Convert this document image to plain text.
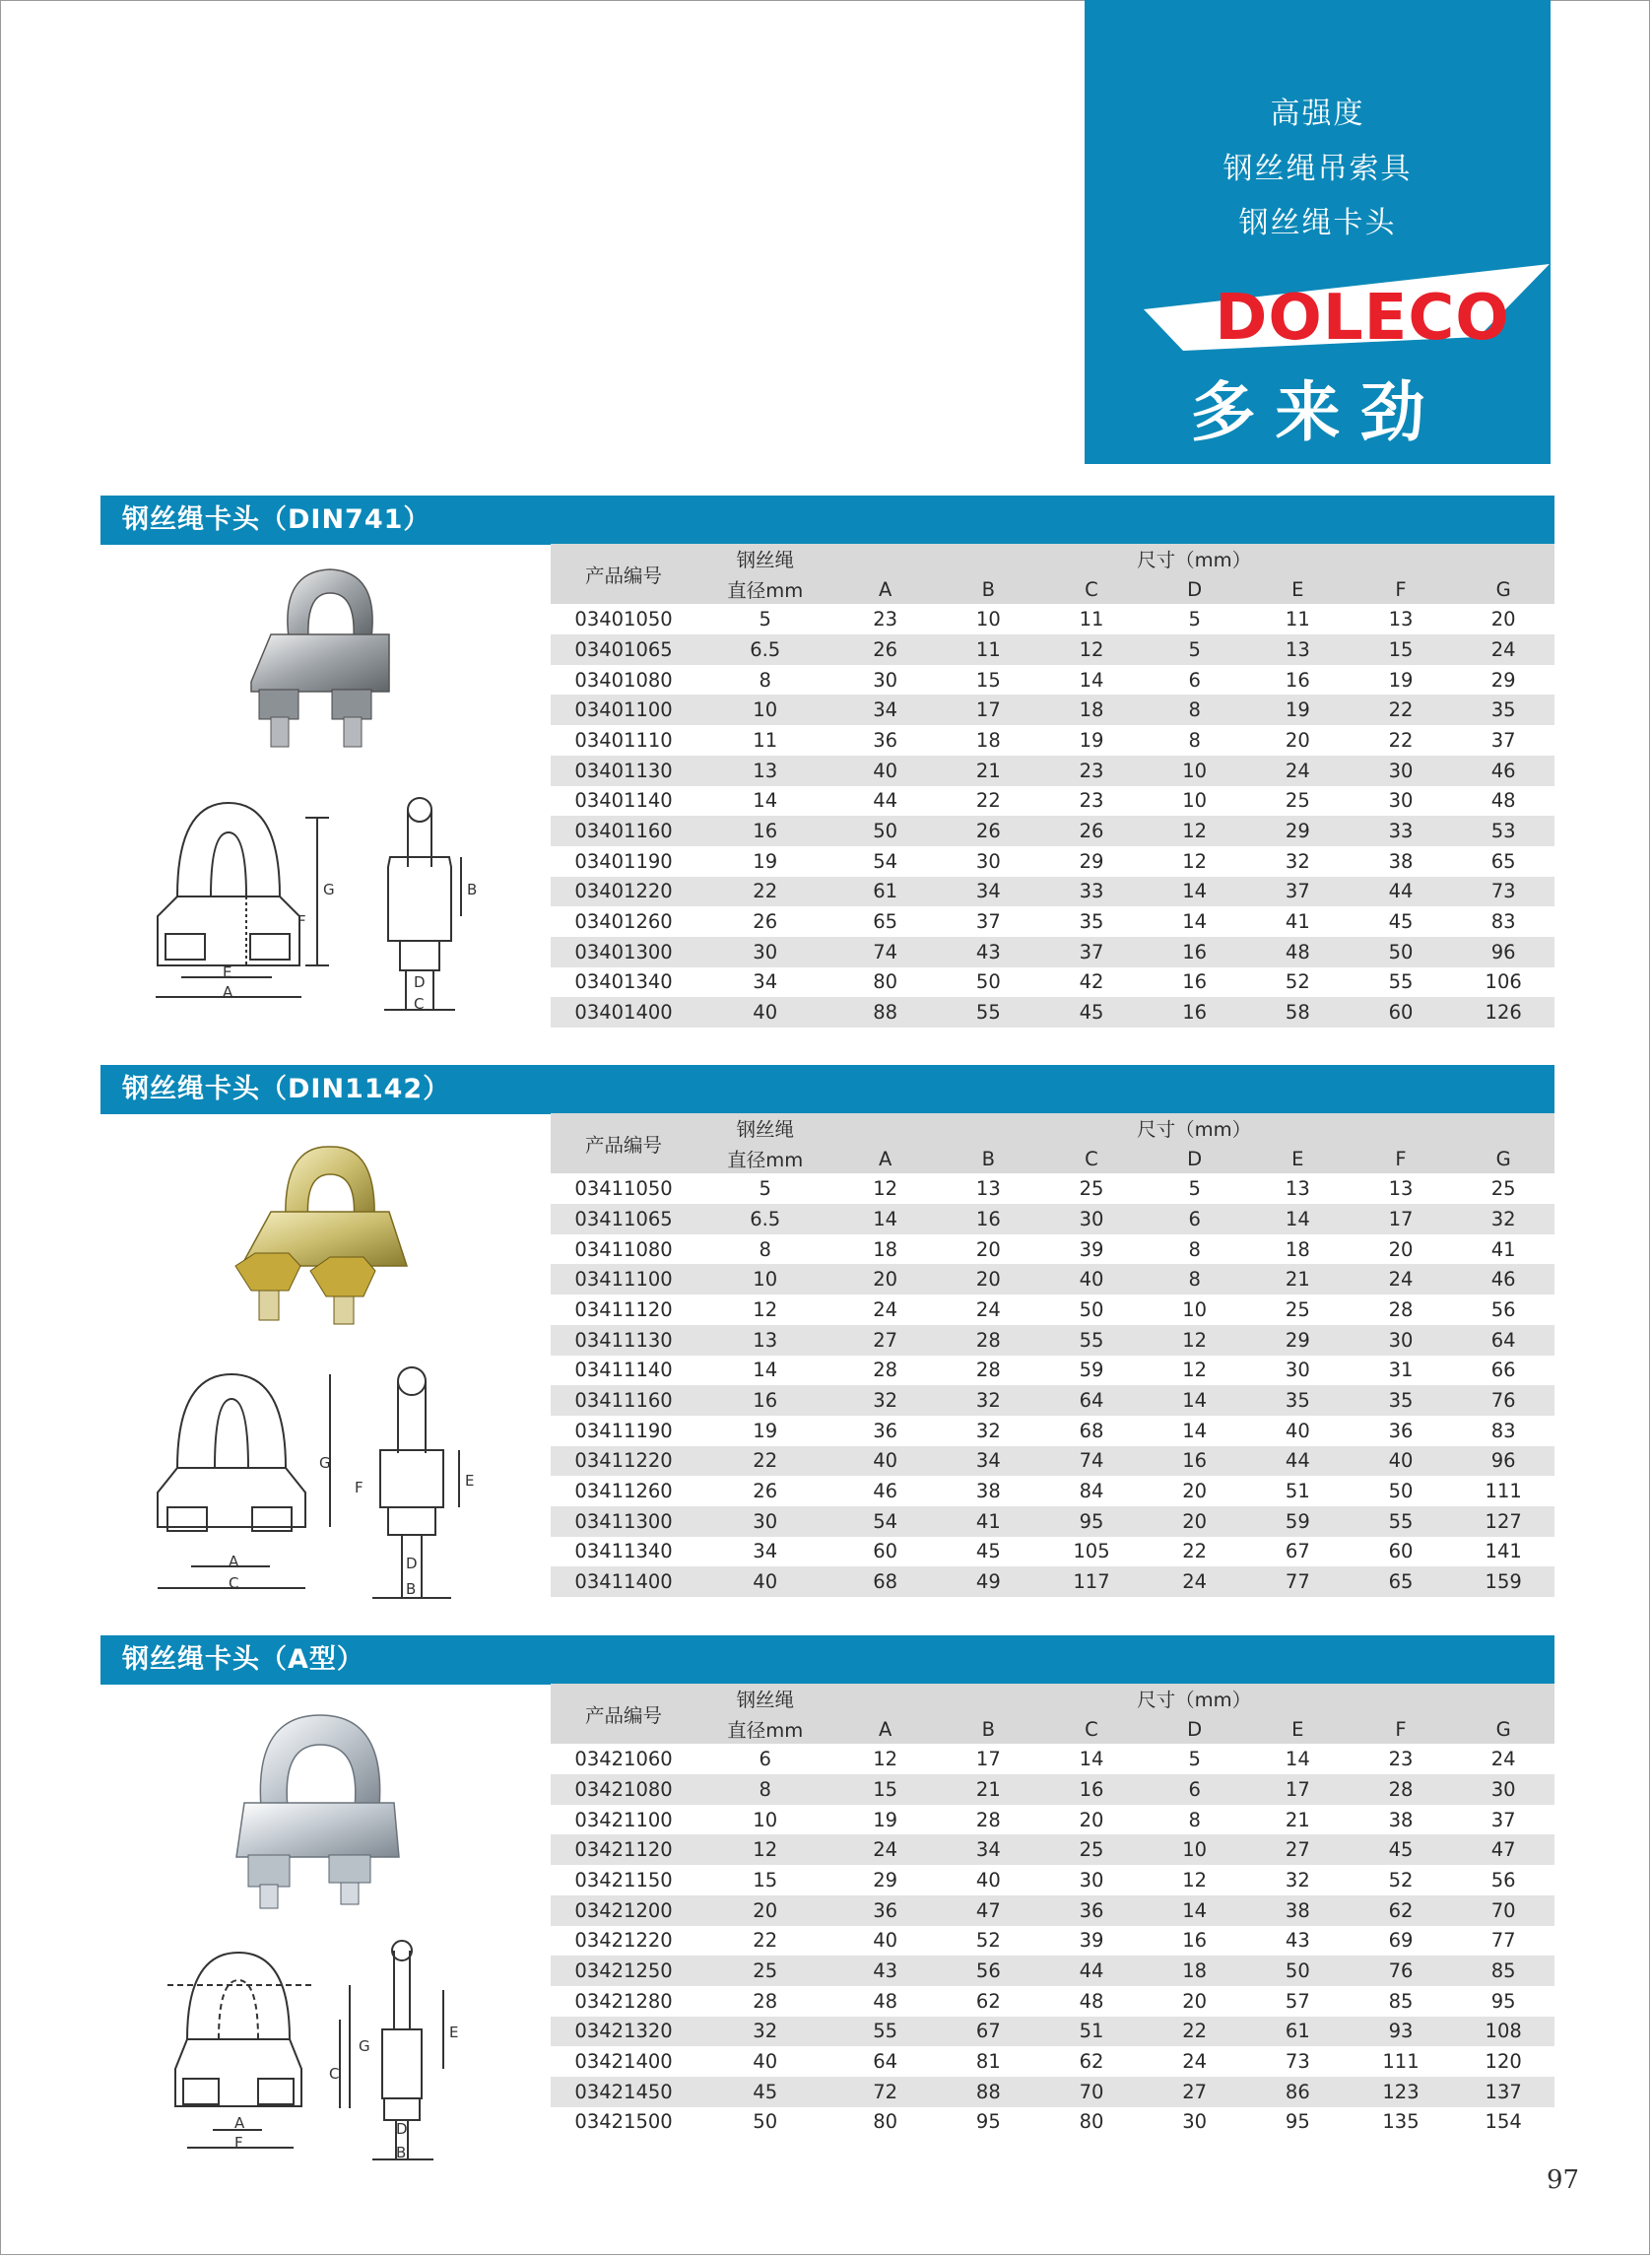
高强度
钢丝绳吊索具
钢丝绳卡头
DOLECO
多来劲
钢丝绳卡头（DIN741）
G
F
E
A
B
D
C
产品编号	钢丝绳	尺寸（mm）						
	直径mm	A	B	C	D	E	F	G
03401050	5	23	10	11	5	11	13	20
03401065	6.5	26	11	12	5	13	15	24
03401080	8	30	15	14	6	16	19	29
03401100	10	34	17	18	8	19	22	35
03401110	11	36	18	19	8	20	22	37
03401130	13	40	21	23	10	24	30	46
03401140	14	44	22	23	10	25	30	48
03401160	16	50	26	26	12	29	33	53
03401190	19	54	30	29	12	32	38	65
03401220	22	61	34	33	14	37	44	73
03401260	26	65	37	35	14	41	45	83
03401300	30	74	43	37	16	48	50	96
03401340	34	80	50	42	16	52	55	106
03401400	40	88	55	45	16	58	60	126
钢丝绳卡头（DIN1142）
G
F
A
C
E
D
B
产品编号	钢丝绳	尺寸（mm）						
	直径mm	A	B	C	D	E	F	G
03411050	5	12	13	25	5	13	13	25
03411065	6.5	14	16	30	6	14	17	32
03411080	8	18	20	39	8	18	20	41
03411100	10	20	20	40	8	21	24	46
03411120	12	24	24	50	10	25	28	56
03411130	13	27	28	55	12	29	30	64
03411140	14	28	28	59	12	30	31	66
03411160	16	32	32	64	14	35	35	76
03411190	19	36	32	68	14	40	36	83
03411220	22	40	34	74	16	44	40	96
03411260	26	46	38	84	20	51	50	111
03411300	30	54	41	95	20	59	55	127
03411340	34	60	45	105	22	67	60	141
03411400	40	68	49	117	24	77	65	159
钢丝绳卡头（A型）
G
C
A
F
E
D
B
产品编号	钢丝绳	尺寸（mm）						
	直径mm	A	B	C	D	E	F	G
03421060	6	12	17	14	5	14	23	24
03421080	8	15	21	16	6	17	28	30
03421100	10	19	28	20	8	21	38	37
03421120	12	24	34	25	10	27	45	47
03421150	15	29	40	30	12	32	52	56
03421200	20	36	47	36	14	38	62	70
03421220	22	40	52	39	16	43	69	77
03421250	25	43	56	44	18	50	76	85
03421280	28	48	62	48	20	57	85	95
03421320	32	55	67	51	22	61	93	108
03421400	40	64	81	62	24	73	111	120
03421450	45	72	88	70	27	86	123	137
03421500	50	80	95	80	30	95	135	154
97
